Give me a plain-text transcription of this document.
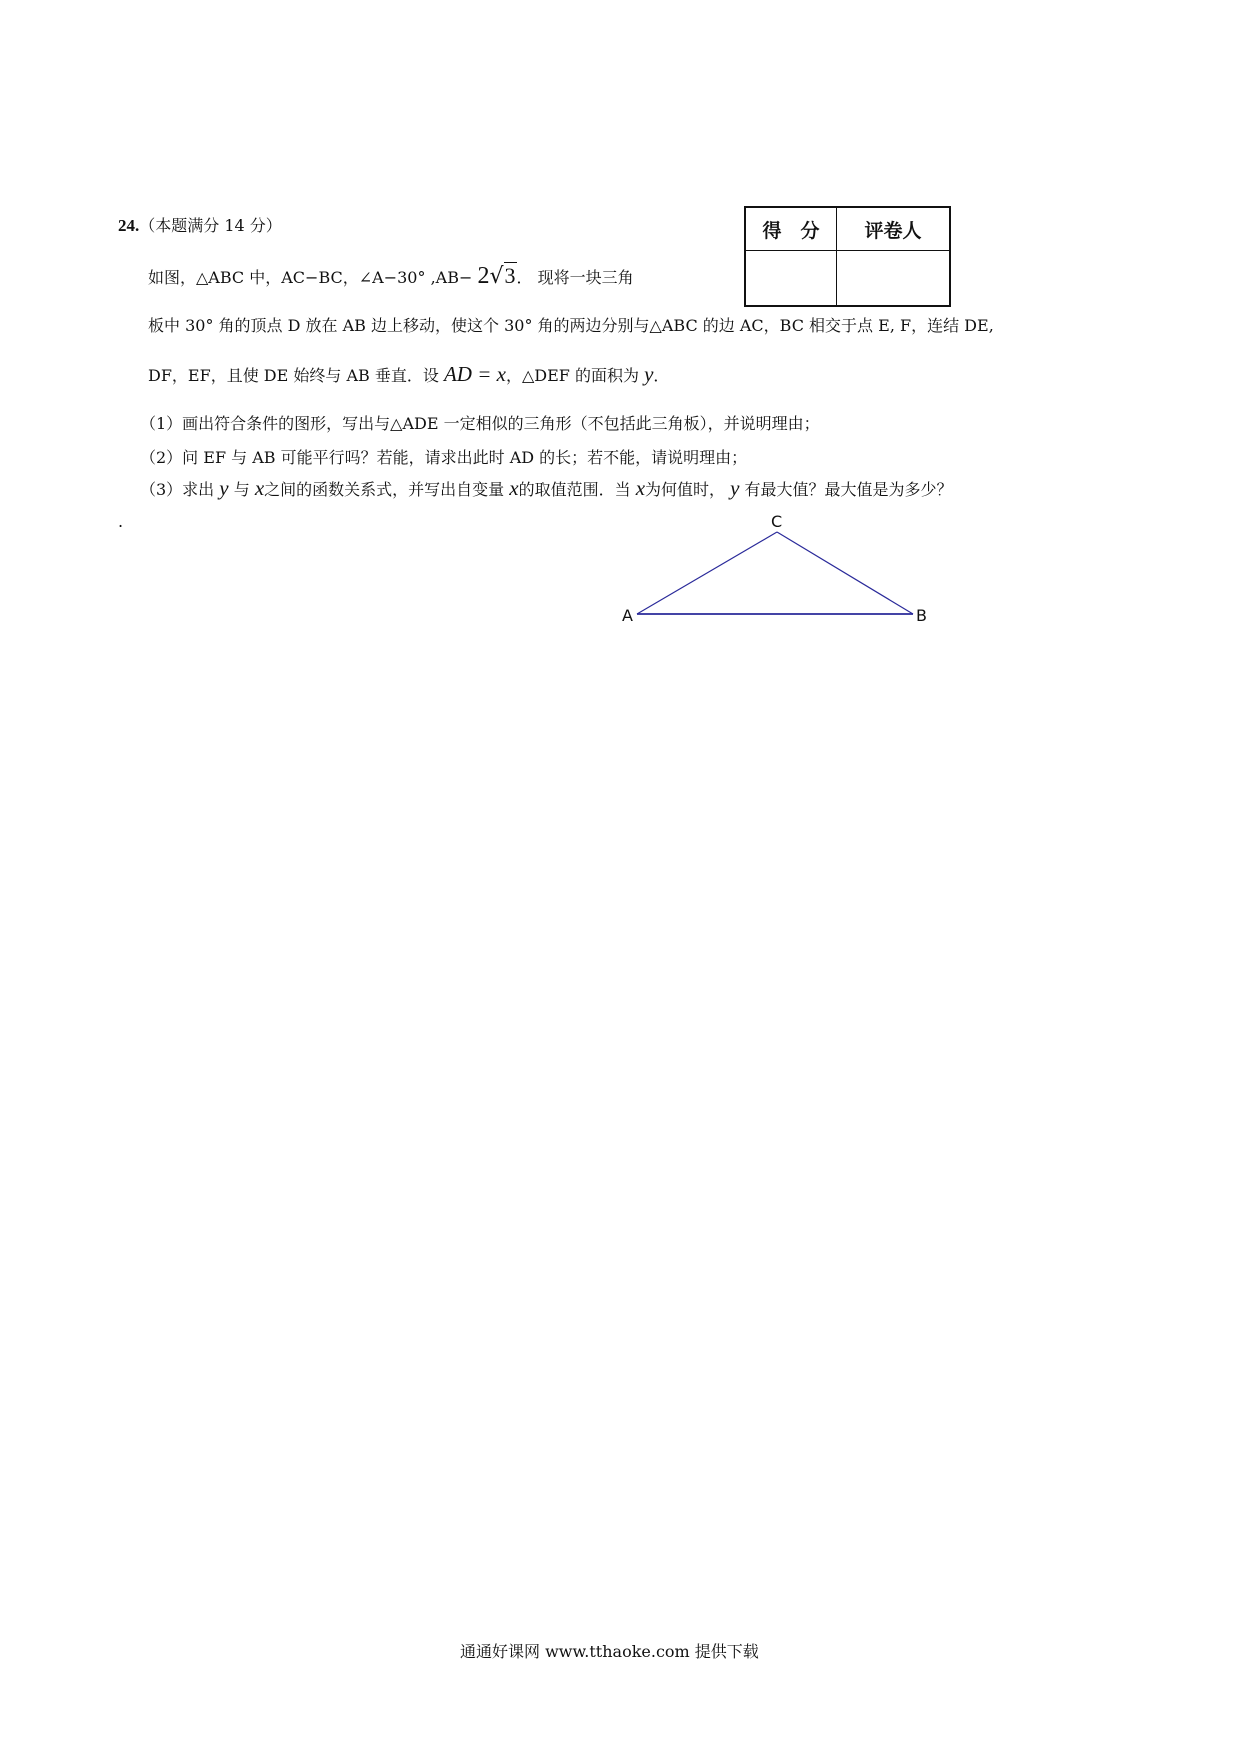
24.（本题满分 14 分）	得　分	评卷人

如图，△ABC 中，AC−BC，∠A−30° ,AB− 2√3． 现将一块三角
板中 30° 角的顶点 D 放在 AB 边上移动，使这个 30° 角的两边分别与△ABC 的边 AC，BC 相交于点 E, F，连结 DE,
DF，EF，且使 DE 始终与 AB 垂直．设 AD = x，△DEF 的面积为 y．
（1）画出符合条件的图形，写出与△ADE 一定相似的三角形（不包括此三角板），并说明理由；
（2）问 EF 与 AB 可能平行吗？若能，请求出此时 AD 的长；若不能，请说明理由；
（3）求出 y 与 x之间的函数关系式，并写出自变量 x的取值范围．当 x为何值时， y 有最大值？最大值是为多少？
.
A	B
C
通通好课网 www.tthaoke.com 提供下载
